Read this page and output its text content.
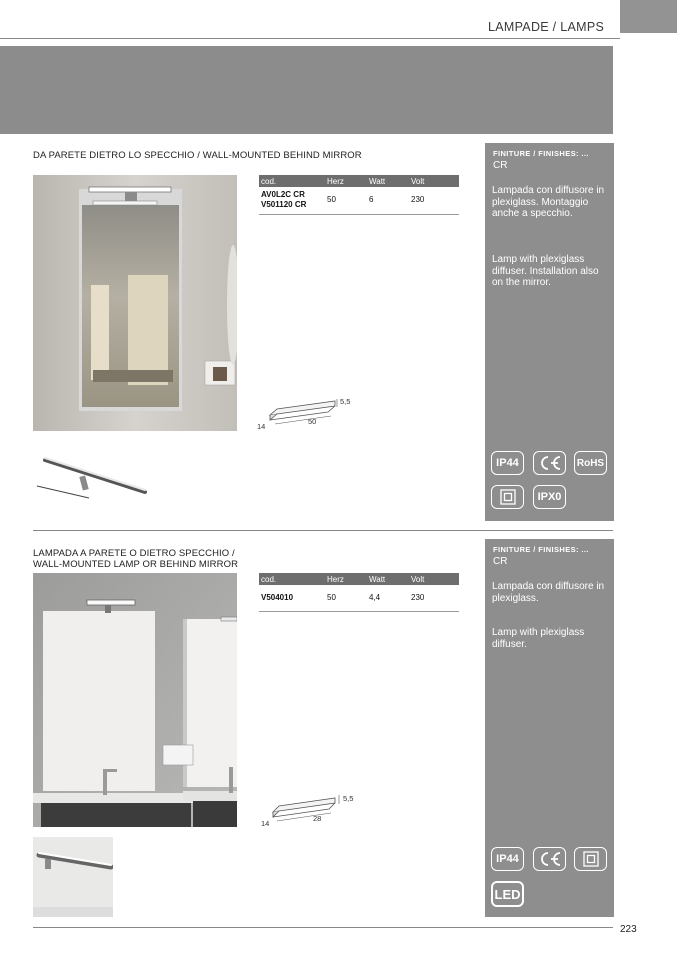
LAMPADE / LAMPS
DA PARETE DIETRO LO SPECCHIO / WALL-MOUNTED BEHIND MIRROR
cod.	Herz	Watt	Volt

AV0L2C CR
V501120 CR	50	6	230
5,5
50
14
FINITURE / FINISHES: ...
CR
Lampada con diffusore in plexiglass. Montaggio anche a specchio.
Lamp with plexiglass diffuser. Installation also on the mirror.
IP44	RoHS
IPX0
LAMPADA A PARETE O DIETRO SPECCHIO /
WALL-MOUNTED LAMP OR BEHIND MIRROR
cod.	Herz	Watt	Volt

V504010	50	4,4	230
5,5
28
14
FINITURE / FINISHES: ...
CR
Lampada con diffusore in plexiglass.
Lamp with plexiglass diffuser.
IP44
LED
223
